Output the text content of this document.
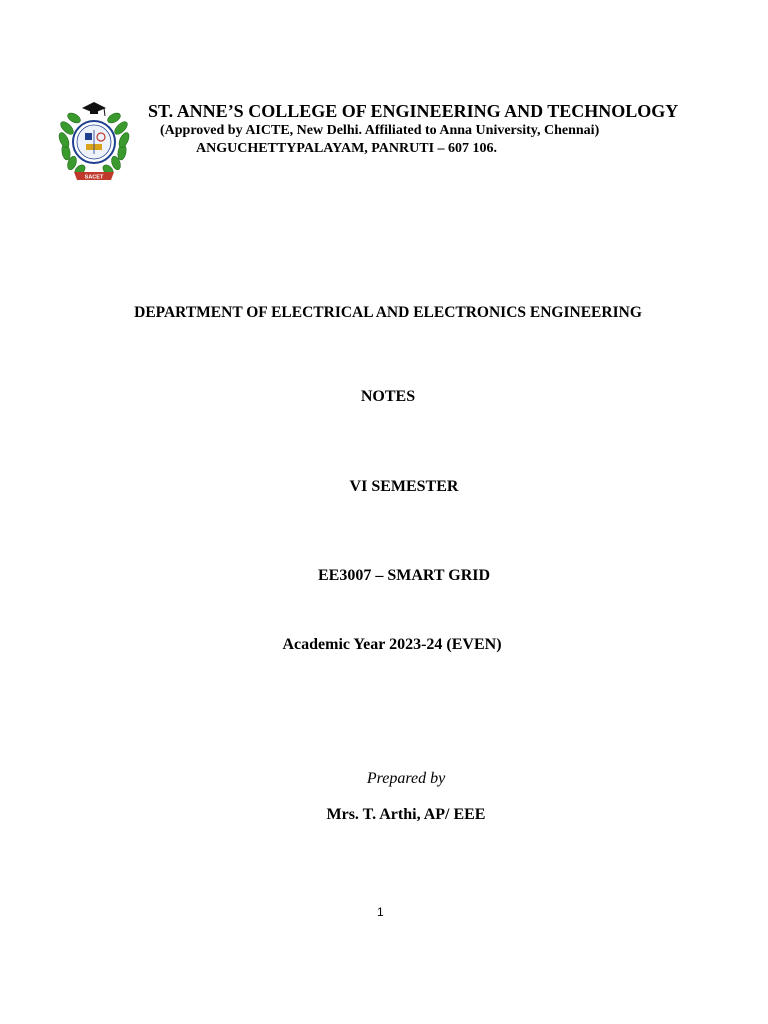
SACET
ST. ANNE’S COLLEGE OF ENGINEERING AND TECHNOLOGY
(Approved by AICTE, New Delhi. Affiliated to Anna University, Chennai)
ANGUCHETTYPALAYAM, PANRUTI – 607 106.
DEPARTMENT OF ELECTRICAL AND ELECTRONICS ENGINEERING
NOTES
VI SEMESTER
EE3007 – SMART GRID
Academic Year 2023-24 (EVEN)
Prepared by
Mrs. T. Arthi, AP/ EEE
1
